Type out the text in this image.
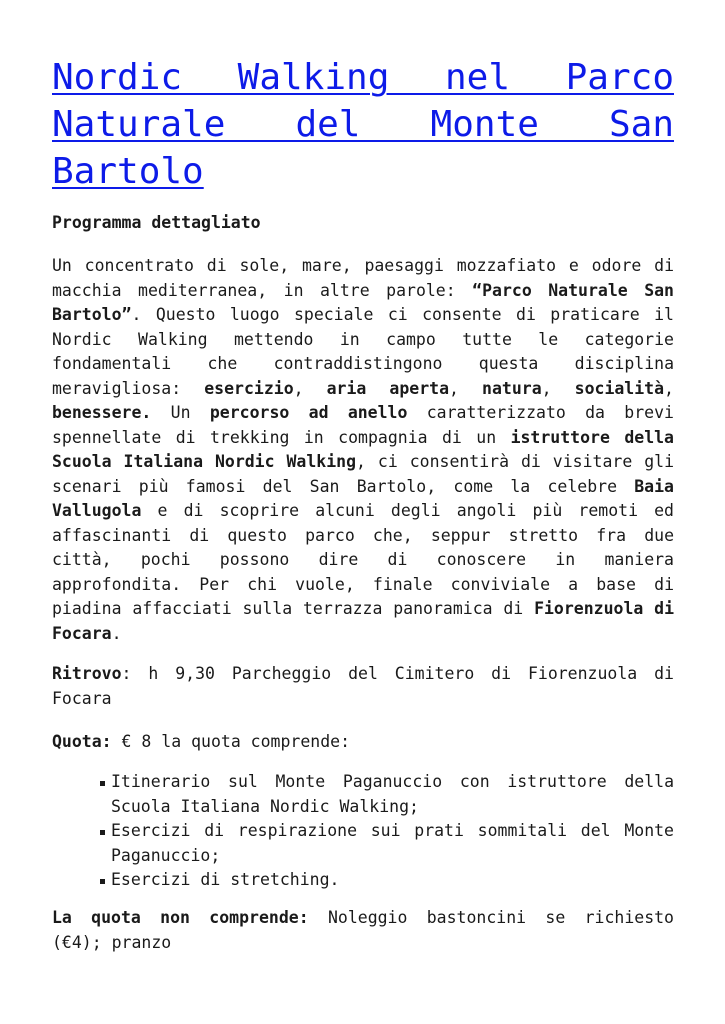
Nordic Walking nel Parco
Naturale del Monte San
Bartolo

Programma dettagliato

Un concentrato di sole, mare, paesaggi mozzafiato e odore di
macchia mediterranea, in altre parole: “Parco Naturale San
Bartolo”. Questo luogo speciale ci consente di praticare il
Nordic Walking mettendo in campo tutte le categorie
fondamentali che contraddistingono questa disciplina
meravigliosa: esercizio, aria aperta, natura, socialità,
benessere. Un percorso ad anello caratterizzato da brevi
spennellate di trekking in compagnia di un istruttore della
Scuola Italiana Nordic Walking, ci consentirà di visitare gli
scenari più famosi del San Bartolo, come la celebre Baia
Vallugola e di scoprire alcuni degli angoli più remoti ed
affascinanti di questo parco che, seppur stretto fra due
città, pochi possono dire di conoscere in maniera
approfondita. Per chi vuole, finale conviviale a base di
piadina affacciati sulla terrazza panoramica di Fiorenzuola di
Focara.
Ritrovo: h 9,30 Parcheggio del Cimitero di Fiorenzuola di
Focara
Quota: € 8 la quota comprende:
Itinerario sul Monte Paganuccio con istruttore della
Scuola Italiana Nordic Walking;
Esercizi di respirazione sui prati sommitali del Monte
Paganuccio;
Esercizi di stretching.
La quota non comprende: Noleggio bastoncini se richiesto
(€4); pranzo
